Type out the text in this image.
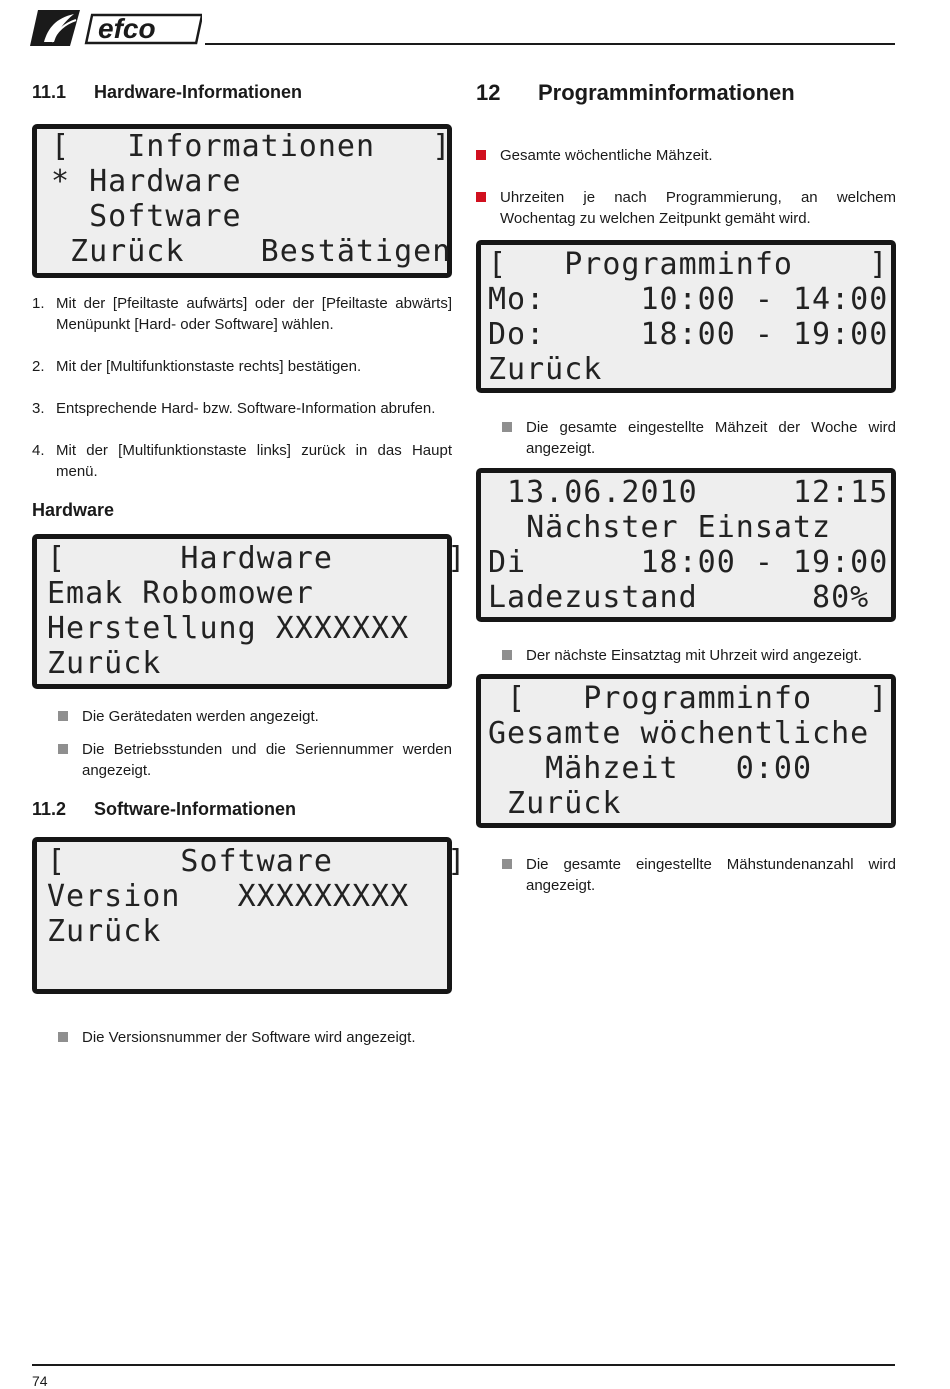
efco
11.1	Hardware-Informationen
[   Informationen   ]
* Hardware
Software
Zurück    Bestätigen
1. Mit der [Pfeiltaste aufwärts] oder der [Pfeiltaste abwärts] Menüpunkt [Hard- oder Software] wählen.
2. Mit der [Multifunktionstaste rechts] bestätigen.
3. Entsprechende Hard- bzw. Software-Information abrufen.
4. Mit der [Multifunktionstaste links] zurück in das Haupt menü.
Hardware
[      Hardware      ]
Emak Robomower
Herstellung XXXXXXX
Zurück
Die Gerätedaten werden angezeigt.
Die Betriebsstunden und die Seriennummer werden angezeigt.
11.2	Software-Informationen
[      Software      ]
Version   XXXXXXXXX
Zurück
Die Versionsnummer der Software wird angezeigt.
12	Programminformationen
Gesamte wöchentliche Mähzeit.
Uhrzeiten je nach Programmierung, an welchem Wochentag zu welchen Zeitpunkt gemäht wird.
[   Programminfo    ]
Mo:     10:00 - 14:00
Do:     18:00 - 19:00
Zurück
Die gesamte eingestellte Mähzeit der Woche wird angezeigt.
13.06.2010     12:15
Nächster Einsatz
Di      18:00 - 19:00
Ladezustand      80%
Der nächste Einsatztag mit Uhrzeit wird angezeigt.
[   Programminfo   ]
Gesamte wöchentliche
Mähzeit   0:00
Zurück
Die gesamte eingestellte Mähstundenanzahl wird angezeigt.
74
